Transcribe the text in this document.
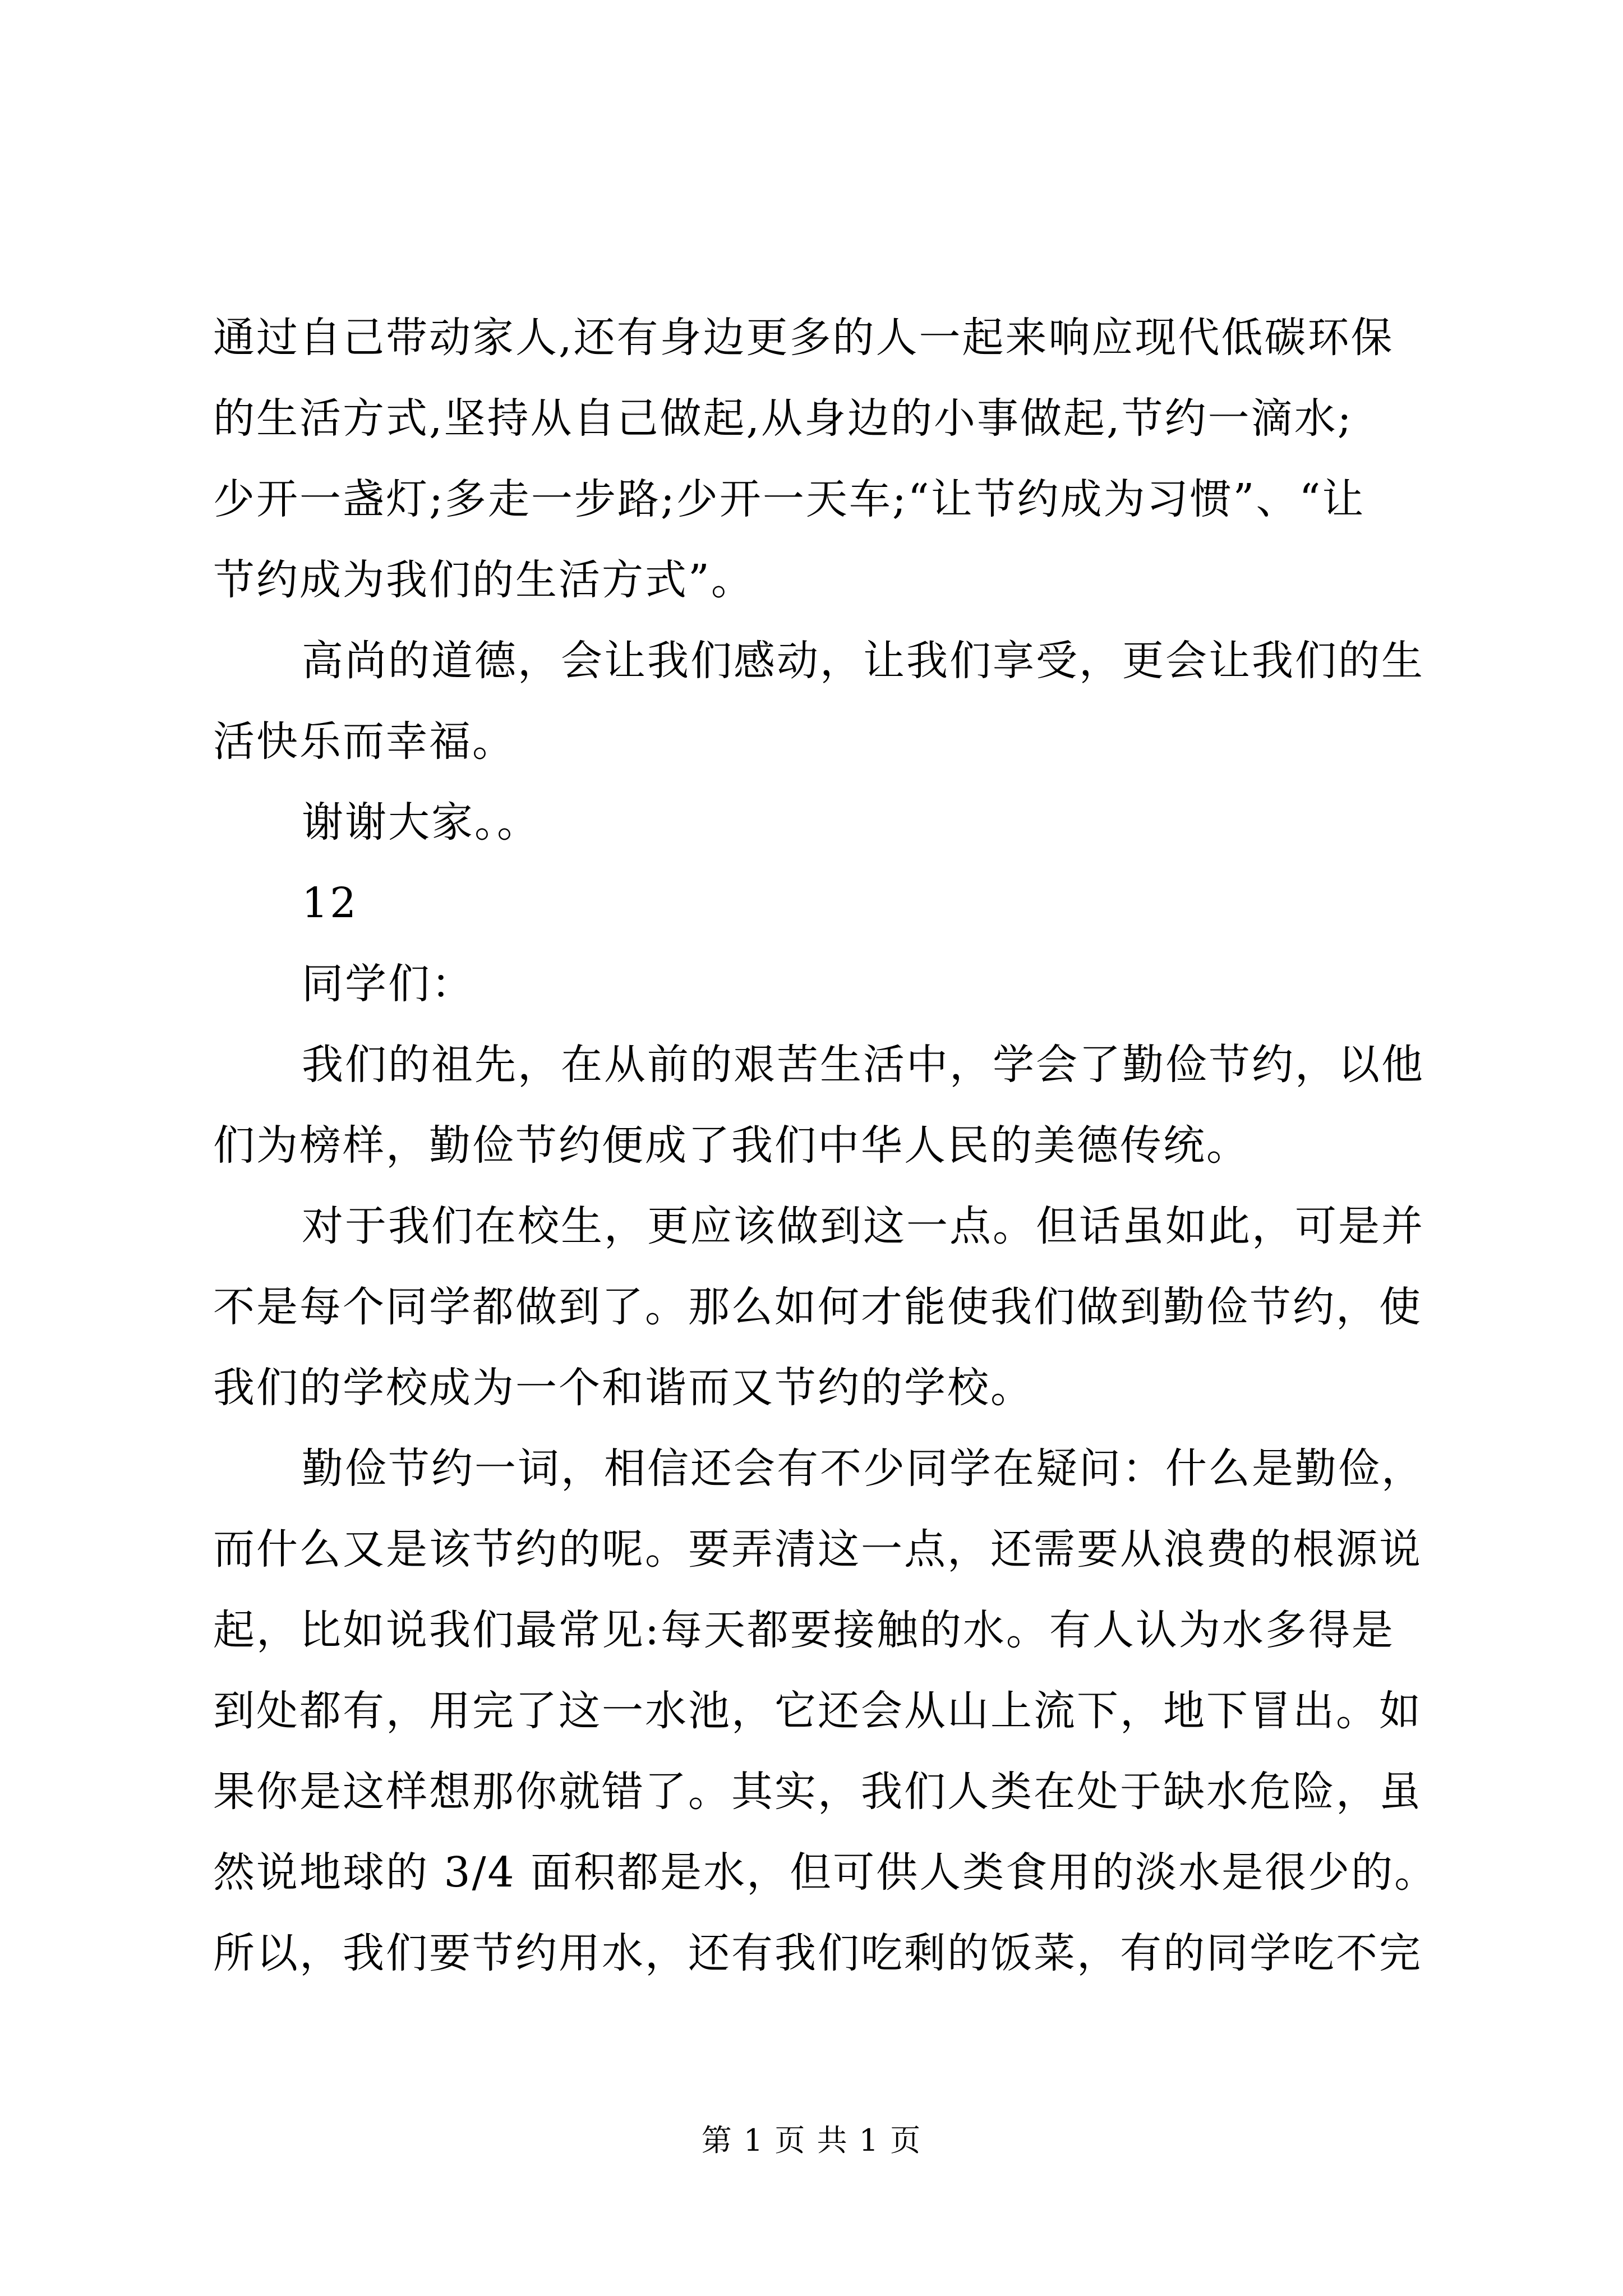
通过自己带动家人,还有身边更多的人一起来响应现代低碳环保
的生活方式,坚持从自己做起,从身边的小事做起,节约一滴水;
少开一盏灯;多走一步路;少开一天车;“让节约成为习惯”、“让
节约成为我们的生活方式”。
高尚的道德，会让我们感动，让我们享受，更会让我们的生
活快乐而幸福。
谢谢大家。。
12
同学们：
我们的祖先，在从前的艰苦生活中，学会了勤俭节约，以他
们为榜样，勤俭节约便成了我们中华人民的美德传统。
对于我们在校生，更应该做到这一点。但话虽如此，可是并
不是每个同学都做到了。那么如何才能使我们做到勤俭节约，使
我们的学校成为一个和谐而又节约的学校。
勤俭节约一词，相信还会有不少同学在疑问：什么是勤俭，
而什么又是该节约的呢。要弄清这一点，还需要从浪费的根源说
起，比如说我们最常见:每天都要接触的水。有人认为水多得是
到处都有，用完了这一水池，它还会从山上流下，地下冒出。如
果你是这样想那你就错了。其实，我们人类在处于缺水危险，虽
然说地球的 3/4 面积都是水，但可供人类食用的淡水是很少的。
所以，我们要节约用水，还有我们吃剩的饭菜，有的同学吃不完
第 1 页 共 1 页
